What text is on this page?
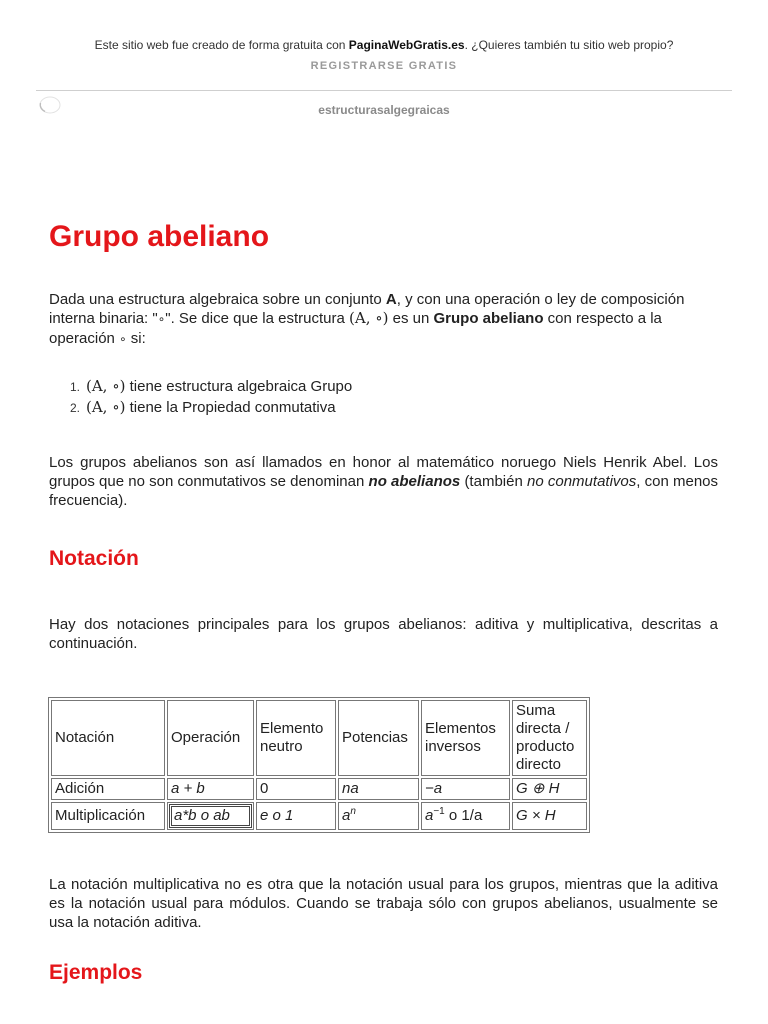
Este sitio web fue creado de forma gratuita con PaginaWebGratis.es. ¿Quieres también tu sitio web propio?
REGISTRARSE GRATIS
estructurasalgegraicas
Grupo abeliano

Dada una estructura algebraica sobre un conjunto A, y con una operación o ley de composición interna binaria: "∘". Se dice que la estructura (A, ∘) es un Grupo abeliano con respecto a la operación ∘ si:

1. (A, ∘) tiene estructura algebraica Grupo
2. (A, ∘) tiene la Propiedad conmutativa

Los grupos abelianos son así llamados en honor al matemático noruego Niels Henrik Abel. Los grupos que no son conmutativos se denominan no abelianos (también no conmutativos, con menos frecuencia).

Notación

Hay dos notaciones principales para los grupos abelianos: aditiva y multiplicativa, descritas a continuación.

Notación	Operación	Elemento neutro	Potencias	Elementos inversos	Suma directa / producto directo
Adición	a + b	0	na	−a	G ⊕ H
Multiplicación	a*b o ab	e o 1	$a^n$	$a^{-1}$ o 1/a	G × H

La notación multiplicativa no es otra que la notación usual para los grupos, mientras que la aditiva es la notación usual para módulos. Cuando se trabaja sólo con grupos abelianos, usualmente se usa la notación aditiva.

Ejemplos
